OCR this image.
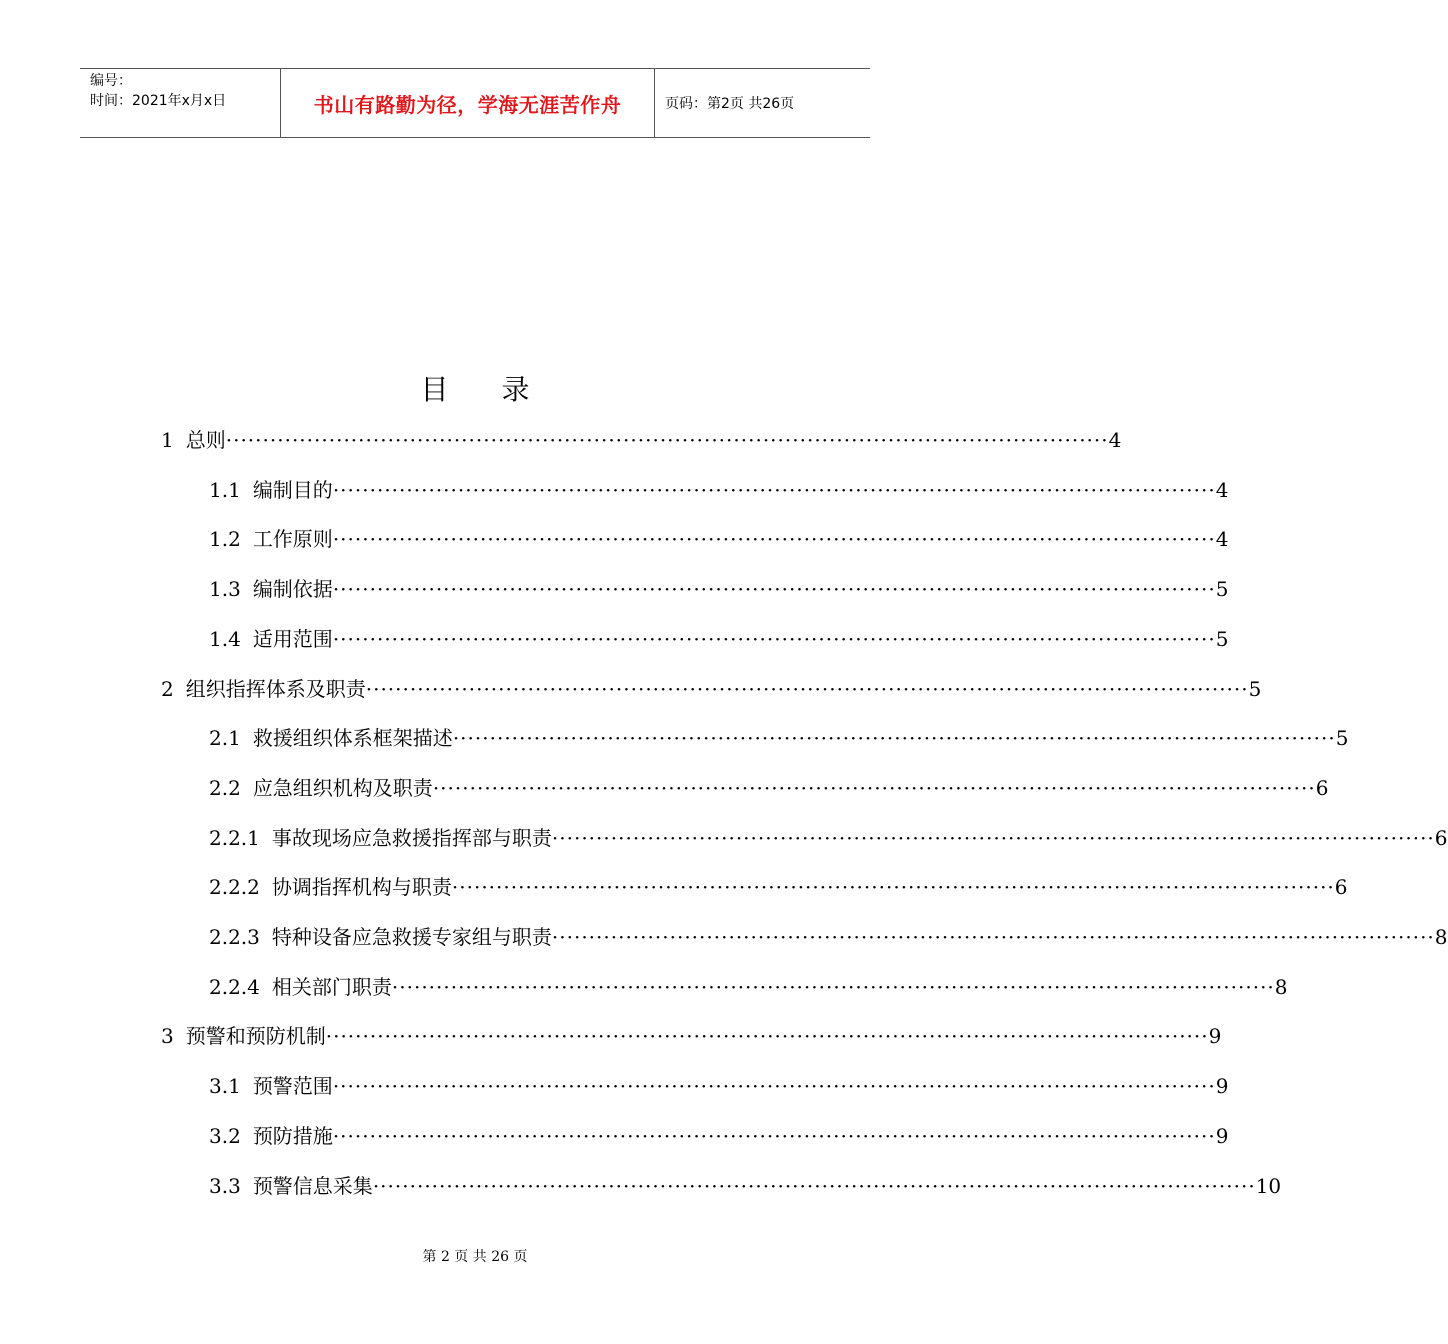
编号：
时间：2021年x月x日	书山有路勤为径，学海无涯苦作舟	页码：第2页 共26页
目 录
1 总则 ························································································································ 4
1.1 编制目的 ························································································································ 4
1.2 工作原则 ························································································································ 4
1.3 编制依据 ························································································································ 5
1.4 适用范围 ························································································································ 5
2 组织指挥体系及职责 ························································································································ 5
2.1 救援组织体系框架描述 ························································································································ 5
2.2 应急组织机构及职责 ························································································································ 6
2.2.1 事故现场应急救援指挥部与职责 ························································································································ 6
2.2.2 协调指挥机构与职责 ························································································································ 6
2.2.3 特种设备应急救援专家组与职责 ························································································································ 8
2.2.4 相关部门职责 ························································································································ 8
3 预警和预防机制 ························································································································ 9
3.1 预警范围 ························································································································ 9
3.2 预防措施 ························································································································ 9
3.3 预警信息采集 ························································································································ 10
第 2 页 共 26 页
